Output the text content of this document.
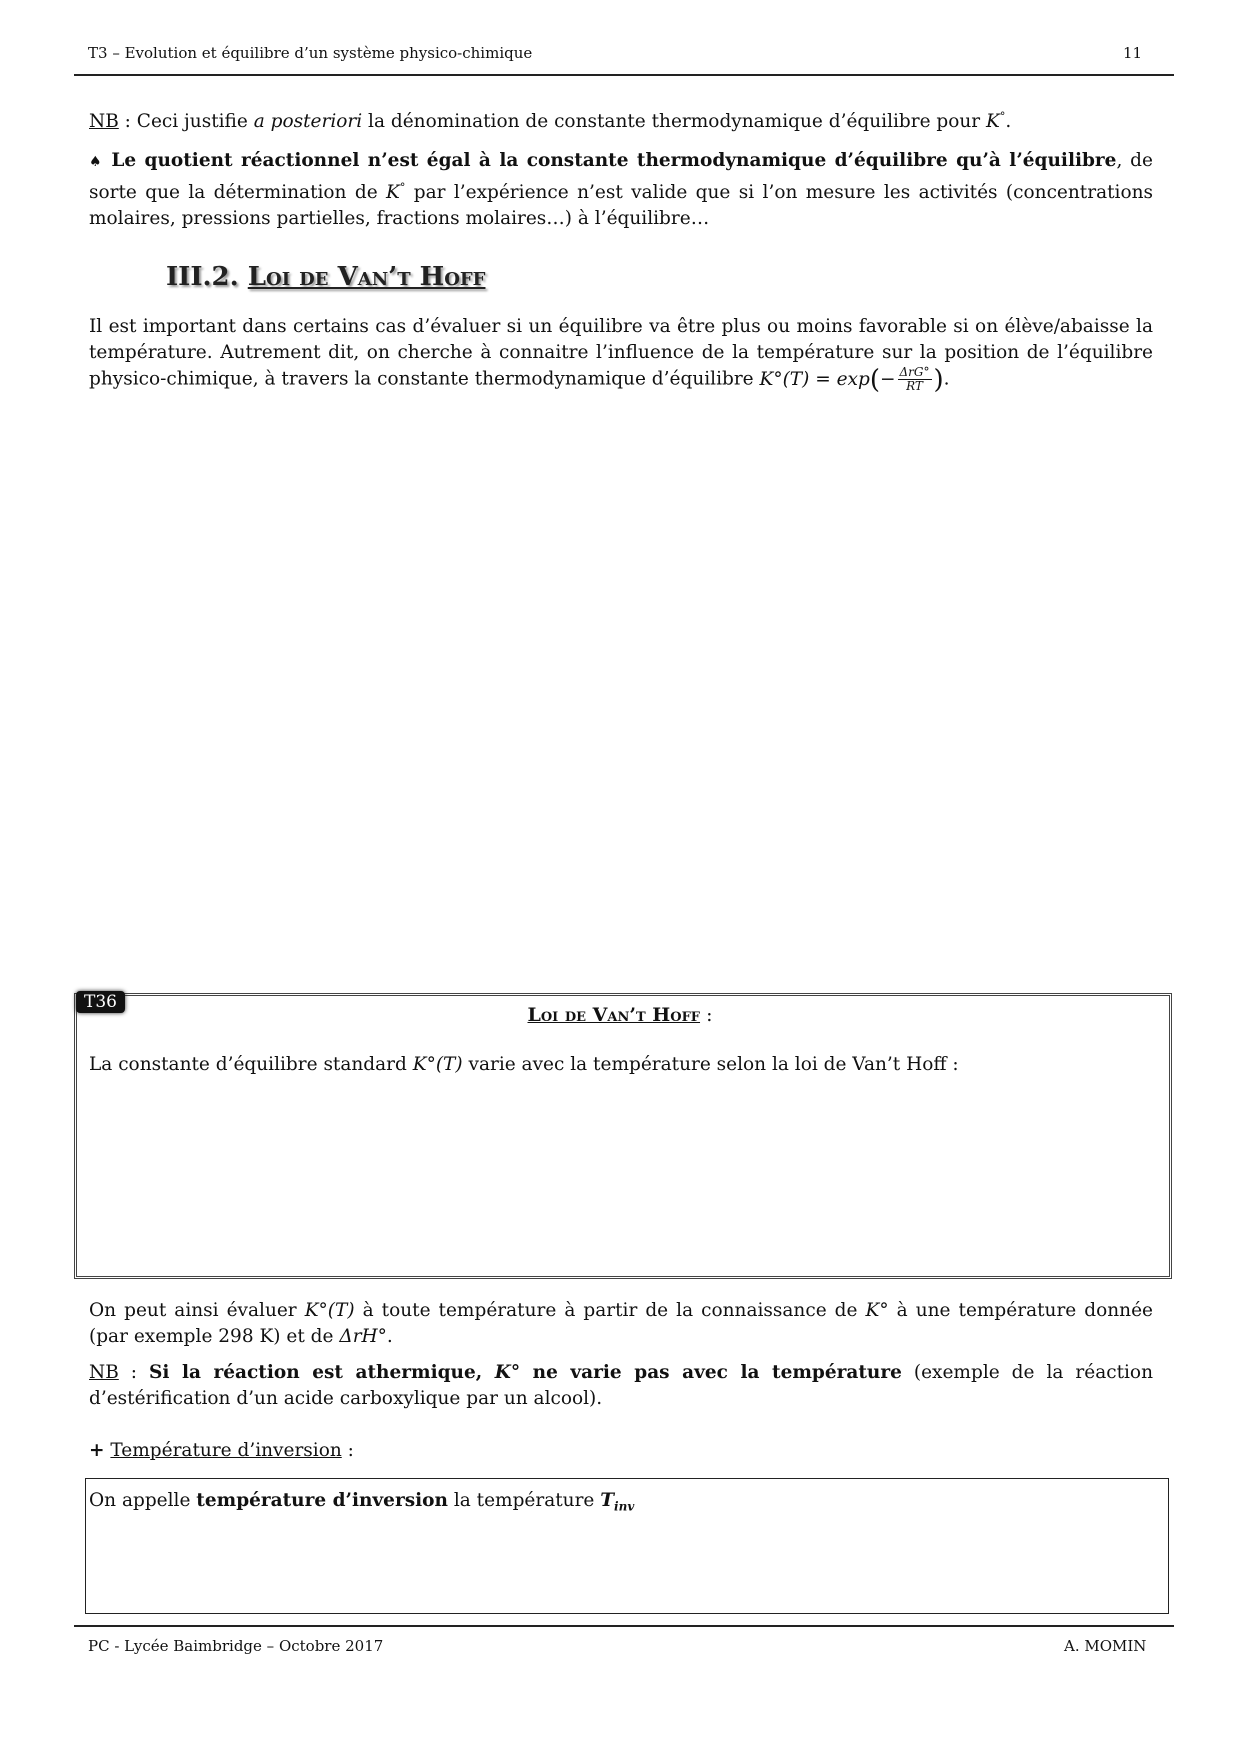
T3 – Evolution et équilibre d’un système physico-chimique	11

NB : Ceci justifie a posteriori la dénomination de constante thermodynamique d’équilibre pour K°.

♠ Le quotient réactionnel n’est égal à la constante thermodynamique d’équilibre qu’à l’équilibre, de sorte que la détermination de K° par l’expérience n’est valide que si l’on mesure les activités (concentrations molaires, pressions partielles, fractions molaires…) à l’équilibre…

III.2. Loi de Van’t Hoff

Il est important dans certains cas d’évaluer si un équilibre va être plus ou moins favorable si on élève/abaisse la température. Autrement dit, on cherche à connaitre l’influence de la température sur la position de l’équilibre physico-chimique, à travers la constante thermodynamique d’équilibre $K^\circ(T) = \exp(- \frac{\text{ΔrG°}}{RT}$ ).

T36
Loi de Van’t Hoff :

La constante d’équilibre standard K°(T) varie avec la température selon la loi de Van’t Hoff :

On peut ainsi évaluer K°(T) à toute température à partir de la connaissance de K° à une température donnée (par exemple 298 K) et de ΔrH°.

NB : Si la réaction est athermique, K° ne varie pas avec la température (exemple de la réaction d’estérification d’un acide carboxylique par un alcool).

+ Température d’inversion :

On appelle température d’inversion la température $T_{inv}$

PC - Lycée Baimbridge – Octobre 2017	A. MOMIN
